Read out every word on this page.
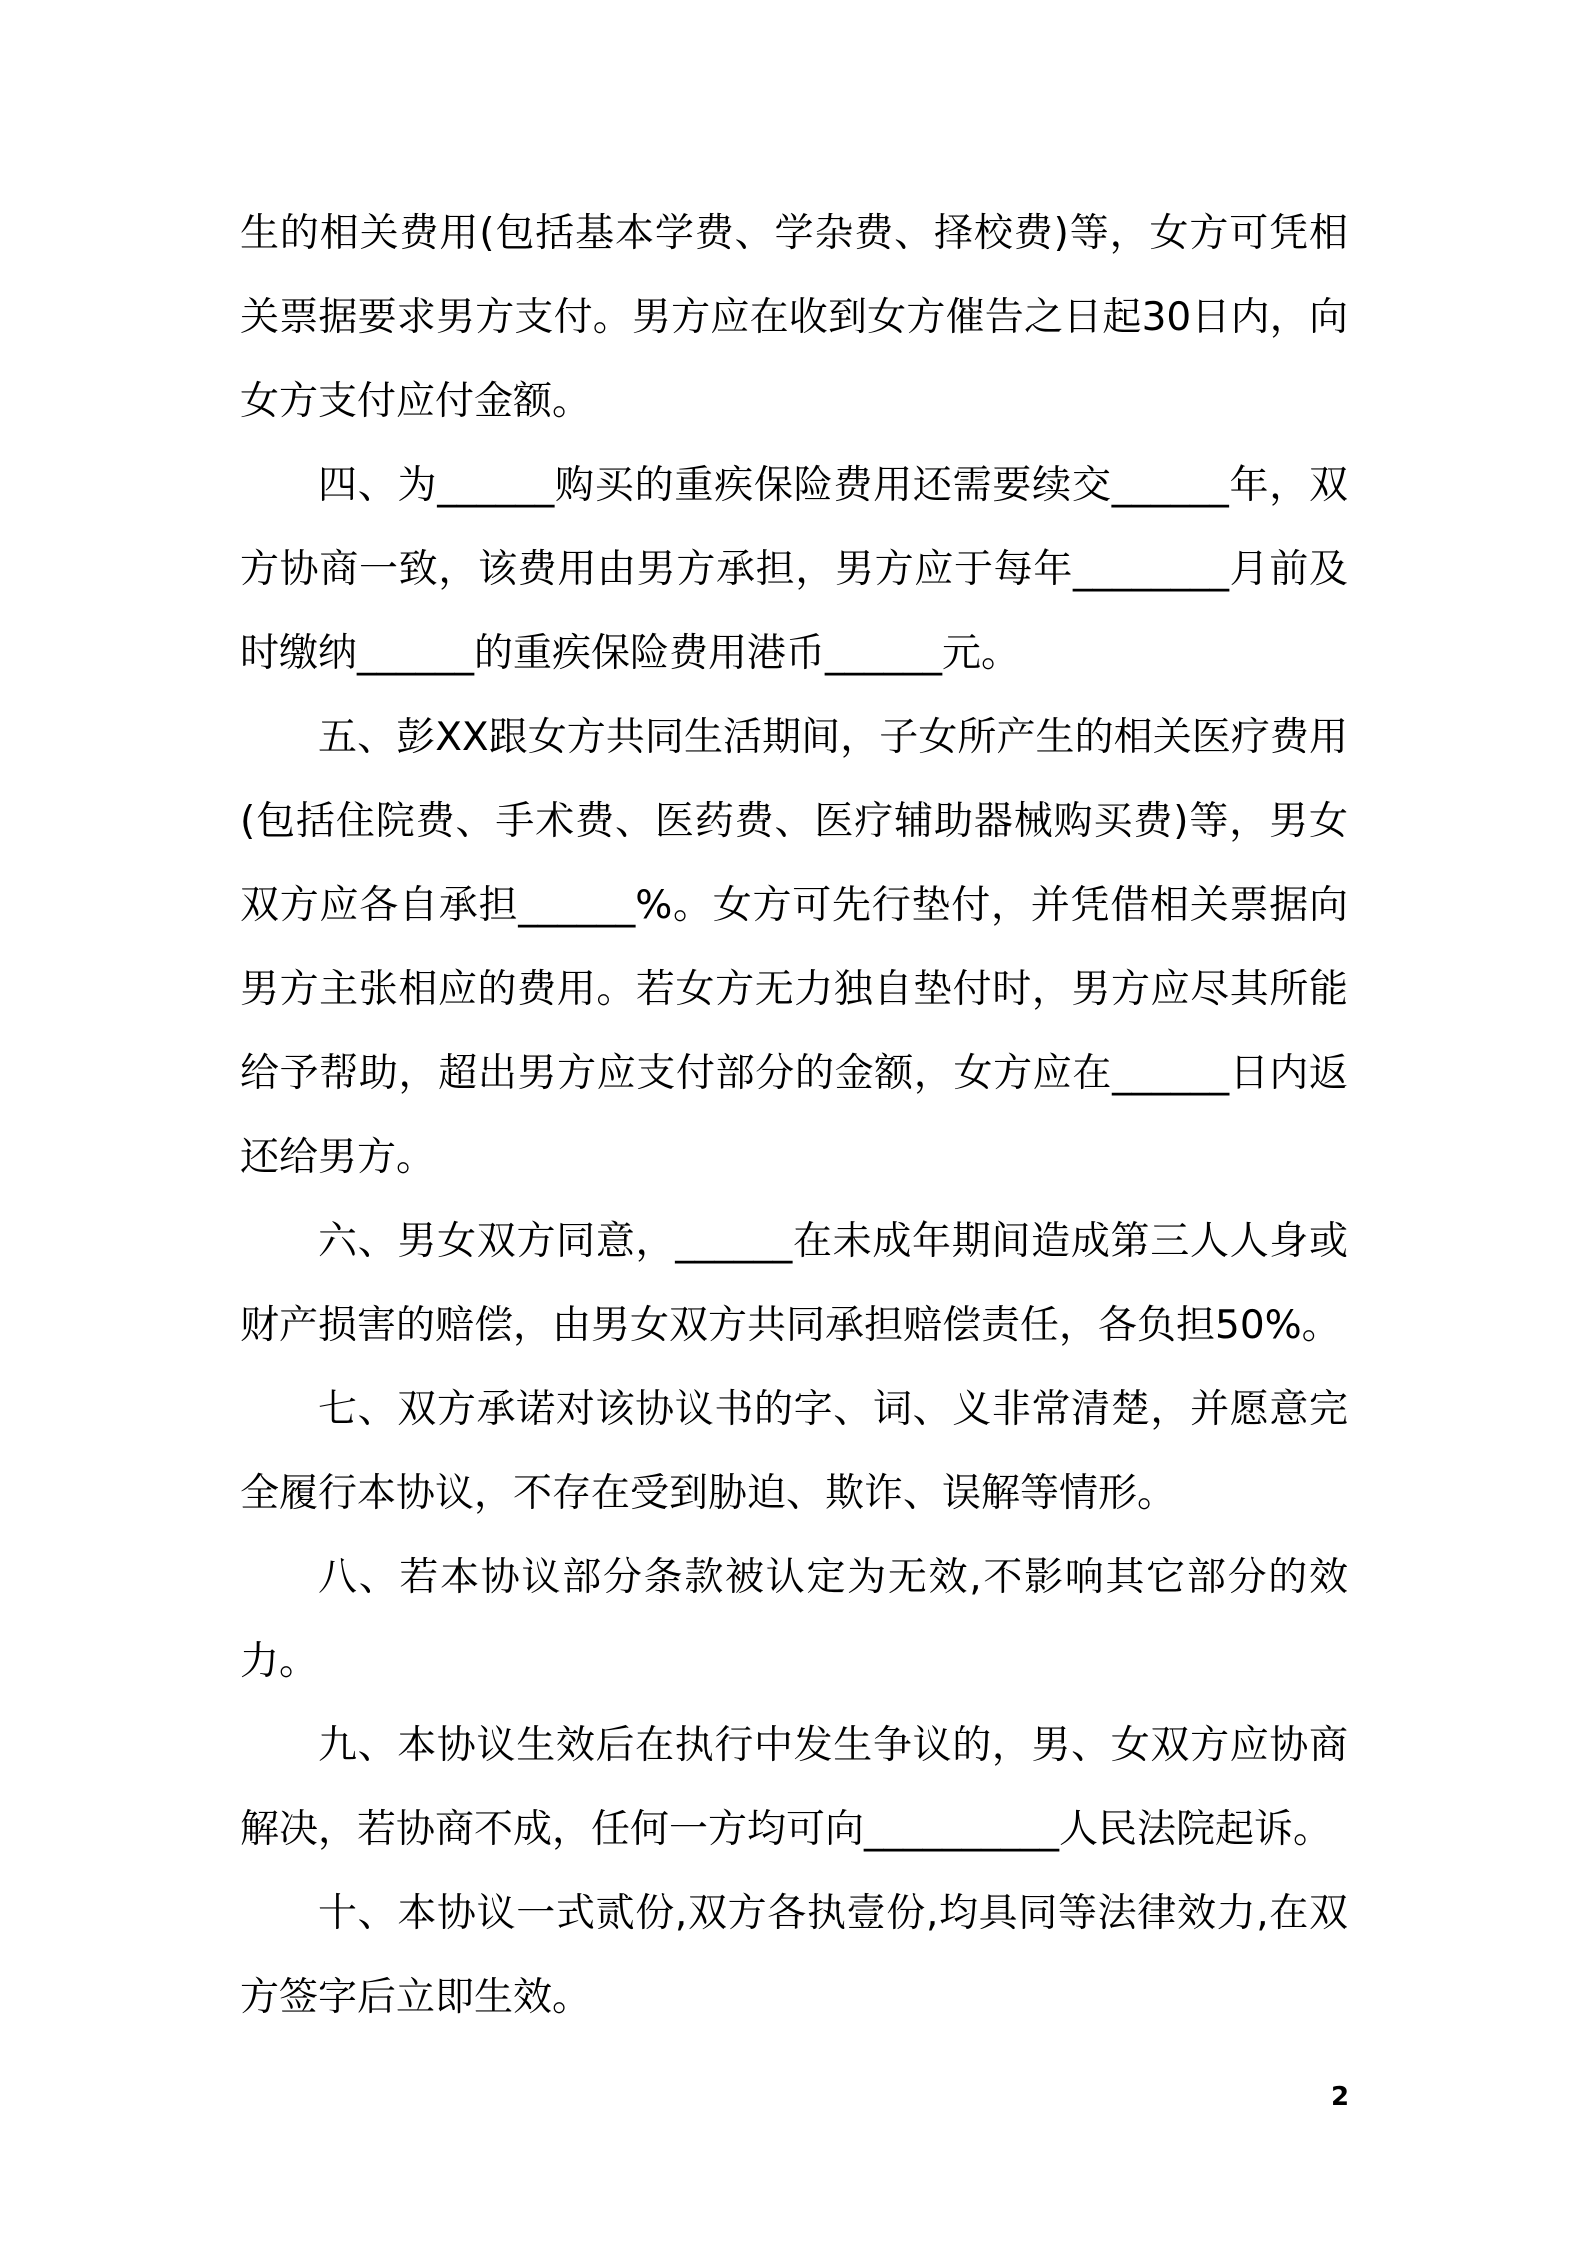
生的相关费用(包括基本学费、学杂费、择校费)等，女方可凭相关票据要求男方支付。男方应在收到女方催告之日起30日内，向女方支付应付金额。

四、为______购买的重疾保险费用还需要续交______年，双方协商一致，该费用由男方承担，男方应于每年________月前及时缴纳______的重疾保险费用港币______元。

五、彭XX跟女方共同生活期间，子女所产生的相关医疗费用(包括住院费、手术费、医药费、医疗辅助器械购买费)等，男女双方应各自承担______%。女方可先行垫付，并凭借相关票据向男方主张相应的费用。若女方无力独自垫付时，男方应尽其所能给予帮助，超出男方应支付部分的金额，女方应在______日内返还给男方。

六、男女双方同意，______在未成年期间造成第三人人身或财产损害的赔偿，由男女双方共同承担赔偿责任，各负担50%。

七、双方承诺对该协议书的字、词、义非常清楚，并愿意完全履行本协议，不存在受到胁迫、欺诈、误解等情形。

八、若本协议部分条款被认定为无效,不影响其它部分的效力。

九、本协议生效后在执行中发生争议的，男、女双方应协商解决，若协商不成，任何一方均可向__________人民法院起诉。

十、本协议一式贰份,双方各执壹份,均具同等法律效力,在双方签字后立即生效。

2
